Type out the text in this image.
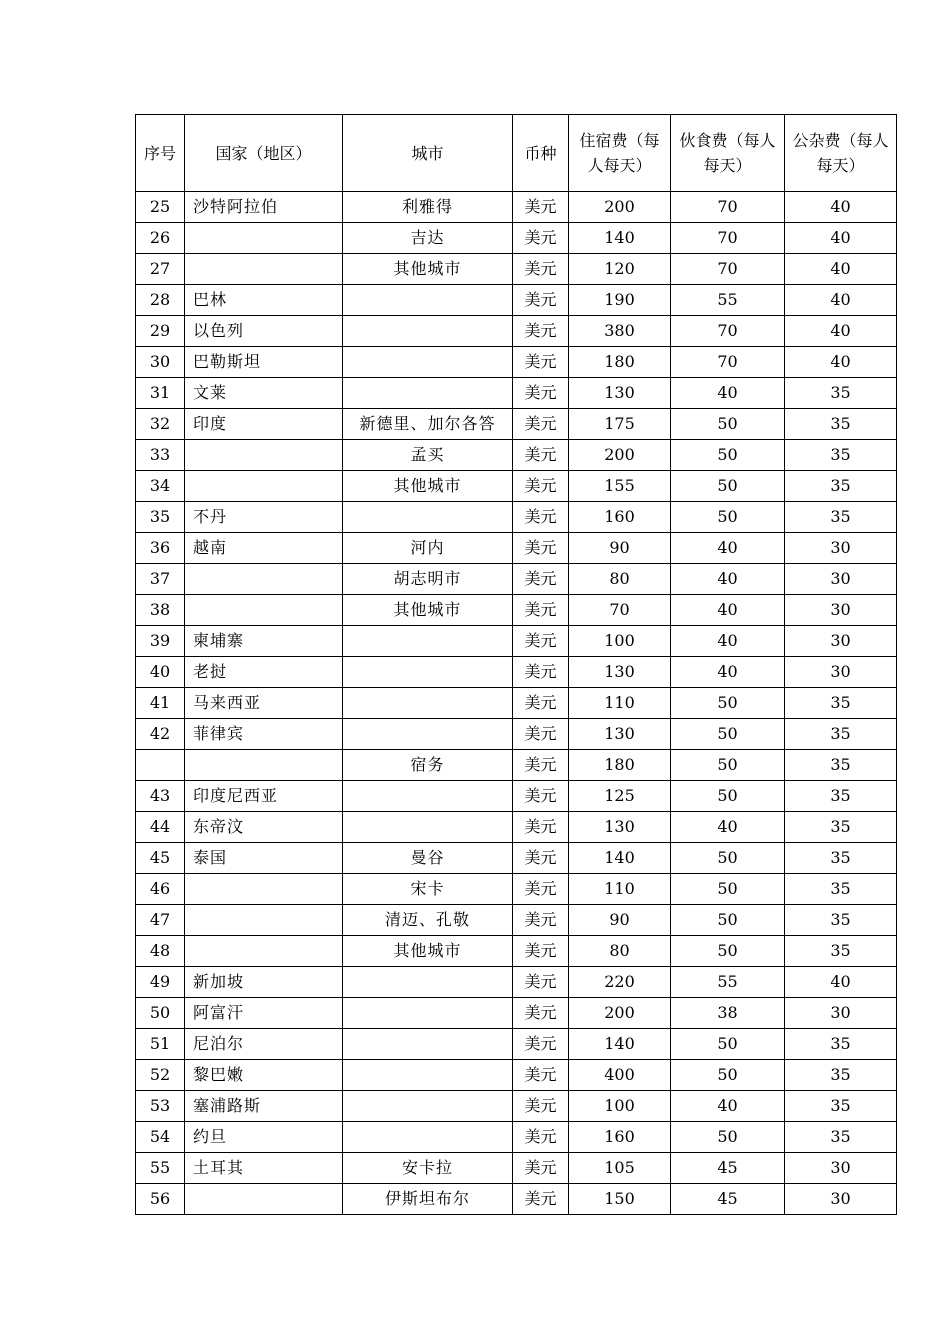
序号	国家（地区）	城市	币种	住宿费（每人每天）	伙食费（每人每天）	公杂费（每人每天）

25	沙特阿拉伯	利雅得	美元	200	70	40
26		吉达	美元	140	70	40
27		其他城市	美元	120	70	40
28	巴林		美元	190	55	40
29	以色列		美元	380	70	40
30	巴勒斯坦		美元	180	70	40
31	文莱		美元	130	40	35
32	印度	新德里、加尔各答	美元	175	50	35
33		孟买	美元	200	50	35
34		其他城市	美元	155	50	35
35	不丹		美元	160	50	35
36	越南	河内	美元	90	40	30
37		胡志明市	美元	80	40	30
38		其他城市	美元	70	40	30
39	柬埔寨		美元	100	40	30
40	老挝		美元	130	40	30
41	马来西亚		美元	110	50	35
42	菲律宾		美元	130	50	35
		宿务	美元	180	50	35
43	印度尼西亚		美元	125	50	35
44	东帝汶		美元	130	40	35
45	泰国	曼谷	美元	140	50	35
46		宋卡	美元	110	50	35
47		清迈、孔敬	美元	90	50	35
48		其他城市	美元	80	50	35
49	新加坡		美元	220	55	40
50	阿富汗		美元	200	38	30
51	尼泊尔		美元	140	50	35
52	黎巴嫩		美元	400	50	35
53	塞浦路斯		美元	100	40	35
54	约旦		美元	160	50	35
55	土耳其	安卡拉	美元	105	45	30
56		伊斯坦布尔	美元	150	45	30
